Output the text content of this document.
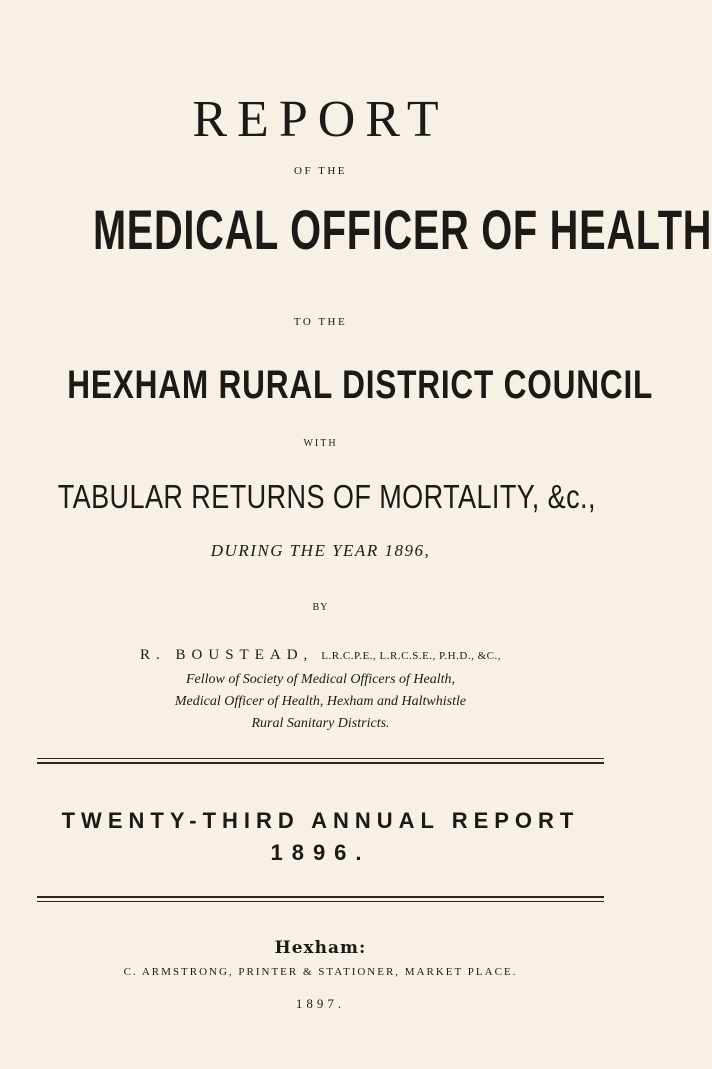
REPORT
OF THE
MEDICAL OFFICER OF HEALTH
TO THE
HEXHAM RURAL DISTRICT COUNCIL
WITH
TABULAR RETURNS OF MORTALITY, &c.,
DURING THE YEAR 1896,
BY
R. BOUSTEAD, L.R.C.P.E., L.R.C.S.E., P.H.D., &C.,
Fellow of Society of Medical Officers of Health,
Medical Officer of Health, Hexham and Haltwhistle
Rural Sanitary Districts.
TWENTY-THIRD ANNUAL REPORT
1896.
Hexham:
C. ARMSTRONG, PRINTER & STATIONER, MARKET PLACE.
1897.
